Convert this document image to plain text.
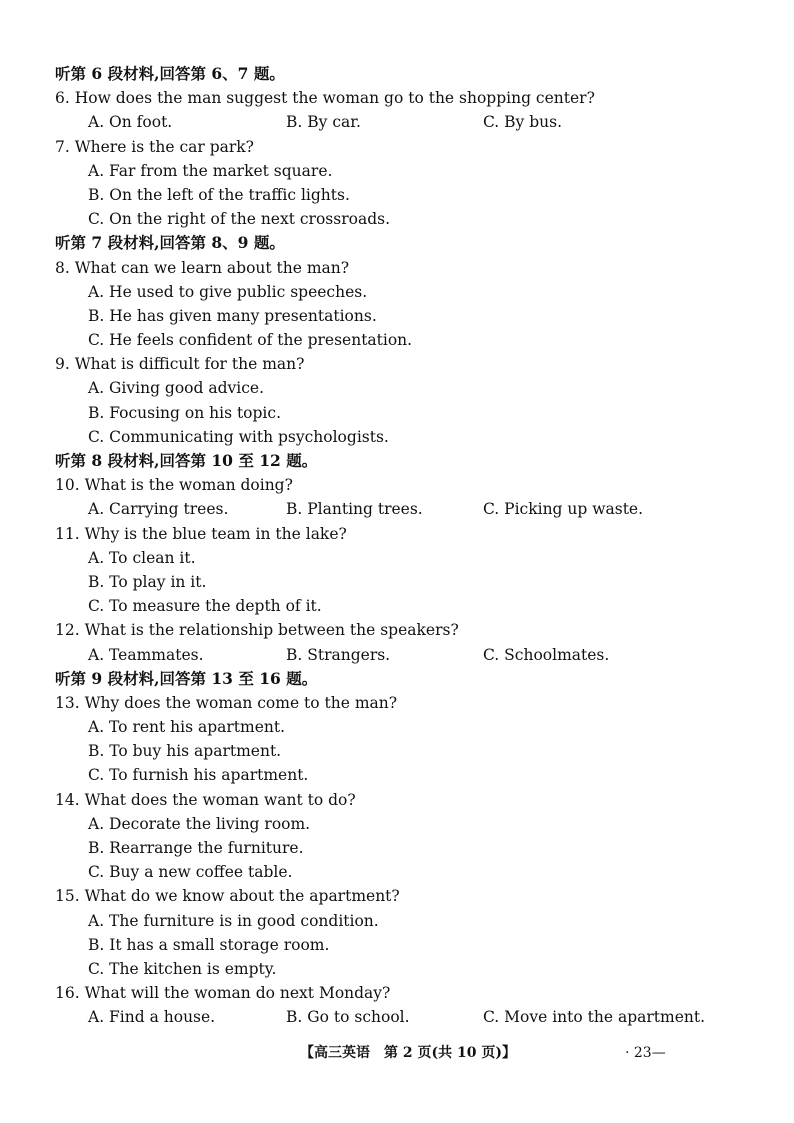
听第 6 段材料,回答第 6、7 题。
6. How does the man suggest the woman go to the shopping center?
A. On foot.	B. By car.	C. By bus.
7. Where is the car park?
A. Far from the market square.
B. On the left of the traffic lights.
C. On the right of the next crossroads.
听第 7 段材料,回答第 8、9 题。
8. What can we learn about the man?
A. He used to give public speeches.
B. He has given many presentations.
C. He feels confident of the presentation.
9. What is difficult for the man?
A. Giving good advice.
B. Focusing on his topic.
C. Communicating with psychologists.
听第 8 段材料,回答第 10 至 12 题。
10. What is the woman doing?
A. Carrying trees.	B. Planting trees.	C. Picking up waste.
11. Why is the blue team in the lake?
A. To clean it.
B. To play in it.
C. To measure the depth of it.
12. What is the relationship between the speakers?
A. Teammates.	B. Strangers.	C. Schoolmates.
听第 9 段材料,回答第 13 至 16 题。
13. Why does the woman come to the man?
A. To rent his apartment.
B. To buy his apartment.
C. To furnish his apartment.
14. What does the woman want to do?
A. Decorate the living room.
B. Rearrange the furniture.
C. Buy a new coffee table.
15. What do we know about the apartment?
A. The furniture is in good condition.
B. It has a small storage room.
C. The kitchen is empty.
16. What will the woman do next Monday?
A. Find a house.	B. Go to school.	C. Move into the apartment.
【高三英语　第 2 页(共 10 页)】	· 23—
